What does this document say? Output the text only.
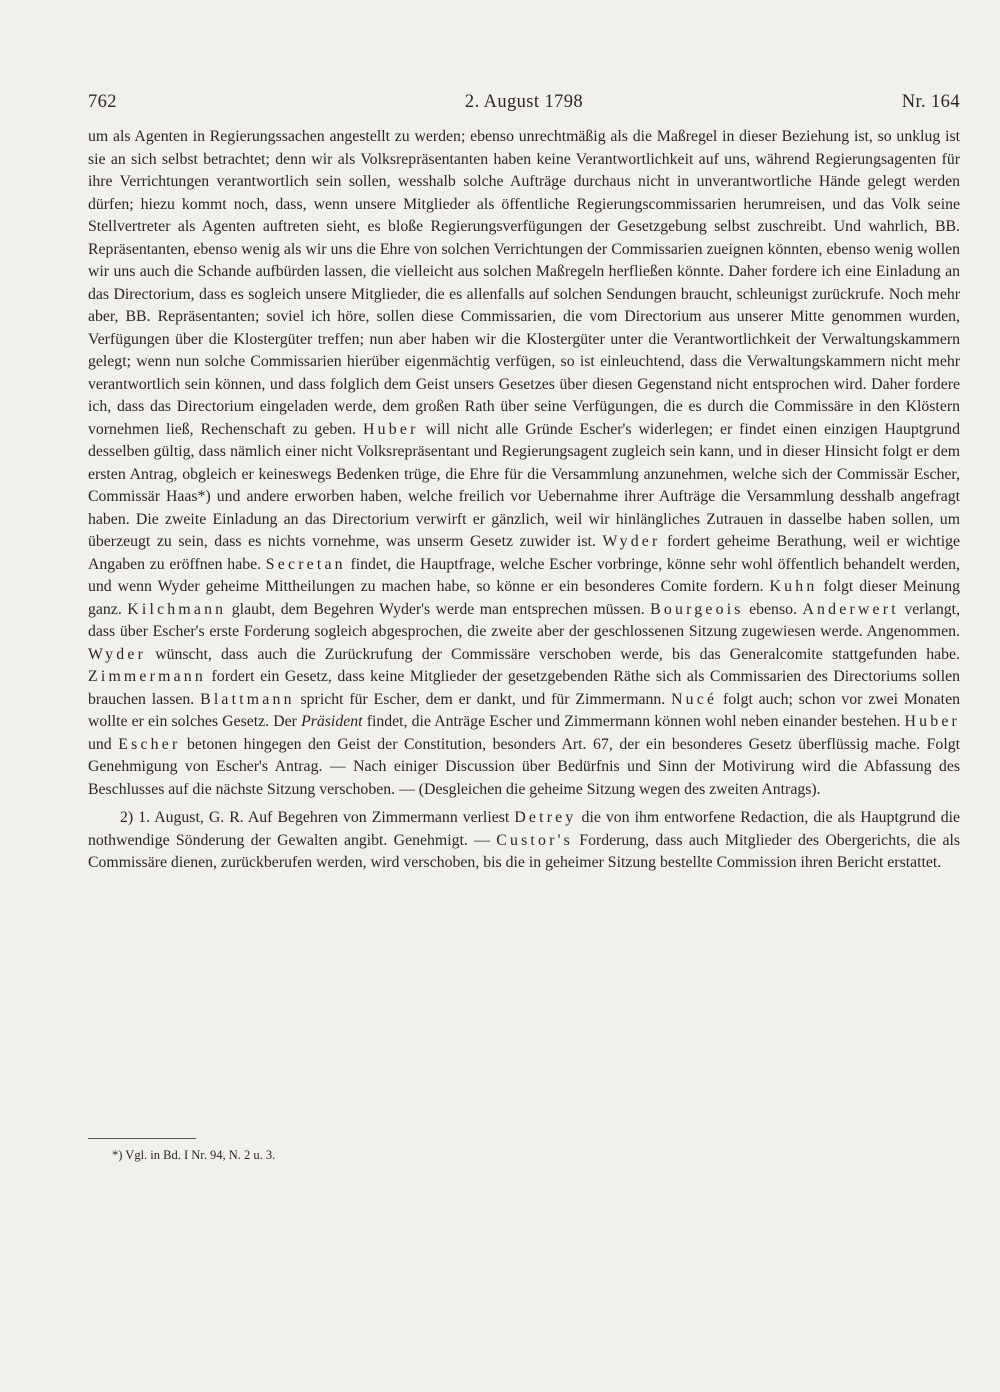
762	2. August 1798	Nr. 164

um als Agenten in Regierungssachen angestellt zu werden; ebenso unrechtmäßig als die Maßregel in dieser Beziehung ist, so unklug ist sie an sich selbst betrachtet; denn wir als Volksrepräsentanten haben keine Verantwortlichkeit auf uns, während Regierungsagenten für ihre Verrichtungen verantwortlich sein sollen, wesshalb solche Aufträge durchaus nicht in unverantwortliche Hände gelegt werden dürfen; hiezu kommt noch, dass, wenn unsere Mitglieder als öffentliche Regierungscommissarien herumreisen, und das Volk seine Stellvertreter als Agenten auftreten sieht, es bloße Regierungsverfügungen der Gesetzgebung selbst zuschreibt. Und wahrlich, BB. Repräsentanten, ebenso wenig als wir uns die Ehre von solchen Verrichtungen der Commissarien zueignen könnten, ebenso wenig wollen wir uns auch die Schande aufbürden lassen, die vielleicht aus solchen Maßregeln herfließen könnte. Daher fordere ich eine Einladung an das Directorium, dass es sogleich unsere Mitglieder, die es allenfalls auf solchen Sendungen braucht, schleunigst zurückrufe. Noch mehr aber, BB. Repräsentanten; soviel ich höre, sollen diese Commissarien, die vom Directorium aus unserer Mitte genommen wurden, Verfügungen über die Klostergüter treffen; nun aber haben wir die Klostergüter unter die Verantwortlichkeit der Verwaltungskammern gelegt; wenn nun solche Commissarien hierüber eigenmächtig verfügen, so ist einleuchtend, dass die Verwaltungskammern nicht mehr verantwortlich sein können, und dass folglich dem Geist unsers Gesetzes über diesen Gegenstand nicht entsprochen wird. Daher fordere ich, dass das Directorium eingeladen werde, dem großen Rath über seine Verfügungen, die es durch die Commissäre in den Klöstern vornehmen ließ, Rechenschaft zu geben. Huber will nicht alle Gründe Escher's widerlegen; er findet einen einzigen Hauptgrund desselben gültig, dass nämlich einer nicht Volksrepräsentant und Regierungsagent zugleich sein kann, und in dieser Hinsicht folgt er dem ersten Antrag, obgleich er keineswegs Bedenken trüge, die Ehre für die Versammlung anzunehmen, welche sich der Commissär Escher, Commissär Haas*) und andere erworben haben, welche freilich vor Uebernahme ihrer Aufträge die Versammlung desshalb angefragt haben. Die zweite Einladung an das Directorium verwirft er gänzlich, weil wir hinlängliches Zutrauen in dasselbe haben sollen, um überzeugt zu sein, dass es nichts vornehme, was unserm Gesetz zuwider ist. Wyder fordert geheime Berathung, weil er wichtige Angaben zu eröffnen habe. Secretan findet, die Hauptfrage, welche Escher vorbringe, könne sehr wohl öffentlich behandelt werden, und wenn Wyder geheime Mittheilungen zu machen habe, so könne er ein besonderes Comite fordern. Kuhn folgt dieser Meinung ganz. Kilchmann glaubt, dem Begehren Wyder's werde man entsprechen müssen. Bourgeois ebenso. Anderwert verlangt, dass über Escher's erste Forderung sogleich abgesprochen, die zweite aber der geschlossenen Sitzung zugewiesen werde. Angenommen. Wyder wünscht, dass auch die Zurückrufung der Commissäre verschoben werde, bis das Generalcomite stattgefunden habe. Zimmermann fordert ein Gesetz, dass keine Mitglieder der gesetzgebenden Räthe sich als Commissarien des Directoriums sollen brauchen lassen. Blattmann spricht für Escher, dem er dankt, und für Zimmermann. Nucé folgt auch; schon vor zwei Monaten wollte er ein solches Gesetz. Der Präsident findet, die Anträge Escher und Zimmermann können wohl neben einander bestehen. Huber und Escher betonen hingegen den Geist der Constitution, besonders Art. 67, der ein besonderes Gesetz überflüssig mache. Folgt Genehmigung von Escher's Antrag. — Nach einiger Discussion über Bedürfnis und Sinn der Motivirung wird die Abfassung des Beschlusses auf die nächste Sitzung verschoben. — (Desgleichen die geheime Sitzung wegen des zweiten Antrags).

2) 1. August, G. R. Auf Begehren von Zimmermann verliest Detrey die von ihm entworfene Redaction, die als Hauptgrund die nothwendige Sönderung der Gewalten angibt. Genehmigt. — Custor's Forderung, dass auch Mitglieder des Obergerichts, die als Commissäre dienen, zurückberufen werden, wird verschoben, bis die in geheimer Sitzung bestellte Commission ihren Bericht erstattet.

*) Vgl. in Bd. I Nr. 94, N. 2 u. 3.
